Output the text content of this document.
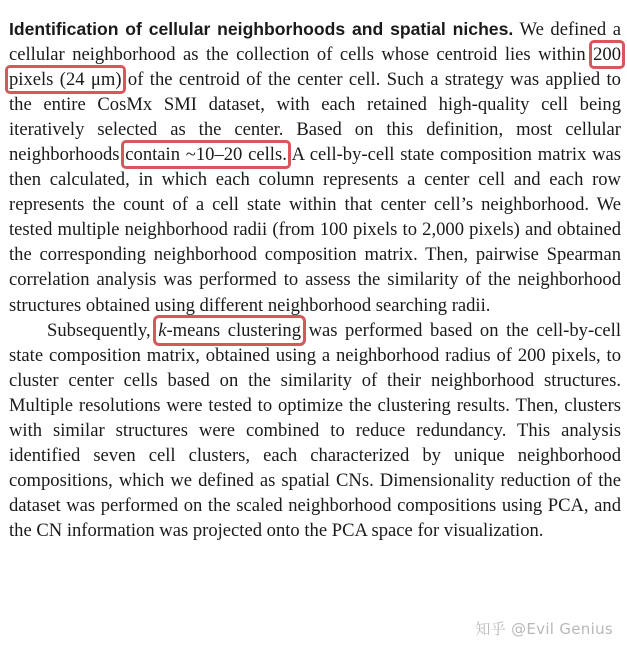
Identification of cellular neighborhoods and spatial niches. We defined a cellular neighborhood as the collection of cells whose centroid lies within 200 pixels (24 μm) of the centroid of the center cell. Such a strategy was applied to the entire CosMx SMI dataset, with each retained high-quality cell being iteratively selected as the center. Based on this definition, most cellular neighborhoods contain ~10–20 cells. A cell-by-cell state composition matrix was then calculated, in which each column represents a center cell and each row represents the count of a cell state within that center cell’s neighborhood. We tested multiple neighborhood radii (from 100 pixels to 2,000 pixels) and obtained the corresponding neighborhood composition matrix. Then, pairwise Spearman correlation analysis was performed to assess the similarity of the neighborhood structures obtained using different neighborhood searching radii.

Subsequently, k-means clustering was performed based on the cell-by-cell state composition matrix, obtained using a neighborhood radius of 200 pixels, to cluster center cells based on the similarity of their neighborhood structures. Multiple resolutions were tested to optimize the clustering results. Then, clusters with similar structures were combined to reduce redundancy. This analysis identified seven cell clusters, each characterized by unique neighborhood compositions, which we defined as spatial CNs. Dimensionality reduction of the dataset was performed on the scaled neighborhood compositions using PCA, and the CN information was projected onto the PCA space for visualization.

知乎 @Evil Genius
